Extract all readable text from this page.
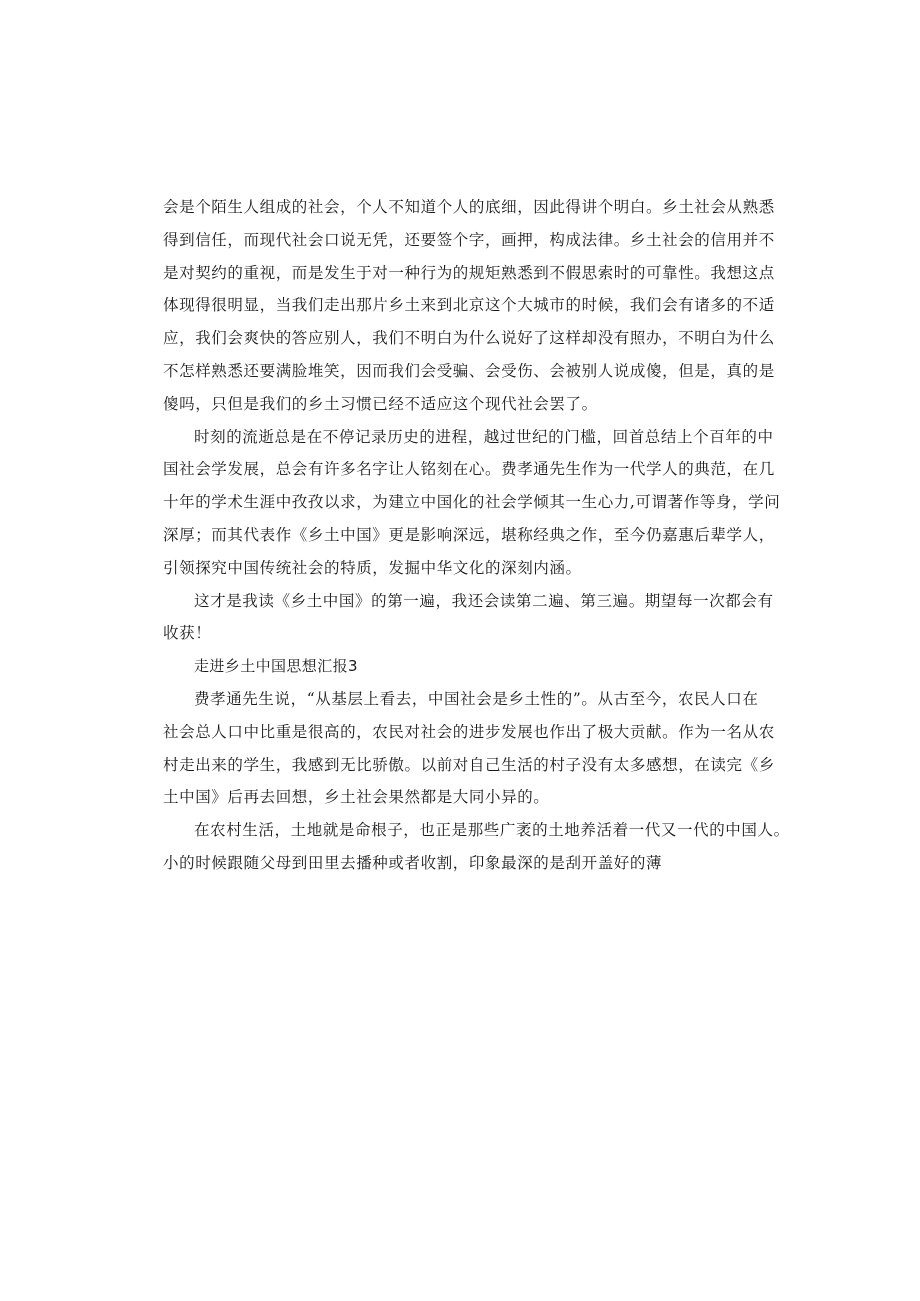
会是个陌生人组成的社会，个人不知道个人的底细，因此得讲个明白。乡土社会从熟悉
得到信任，而现代社会口说无凭，还要签个字，画押，构成法律。乡土社会的信用并不
是对契约的重视，而是发生于对一种行为的规矩熟悉到不假思索时的可靠性。我想这点
体现得很明显，当我们走出那片乡土来到北京这个大城市的时候，我们会有诸多的不适
应，我们会爽快的答应别人，我们不明白为什么说好了这样却没有照办，不明白为什么
不怎样熟悉还要满脸堆笑，因而我们会受骗、会受伤、会被别人说成傻，但是，真的是
傻吗，只但是我们的乡土习惯已经不适应这个现代社会罢了。
时刻的流逝总是在不停记录历史的进程，越过世纪的门槛，回首总结上个百年的中
国社会学发展，总会有许多名字让人铭刻在心。费孝通先生作为一代学人的典范，在几
十年的学术生涯中孜孜以求，为建立中国化的社会学倾其一生心力,可谓著作等身，学问
深厚；而其代表作《乡土中国》更是影响深远，堪称经典之作，至今仍嘉惠后辈学人，
引领探究中国传统社会的特质，发掘中华文化的深刻内涵。
这才是我读《乡土中国》的第一遍，我还会读第二遍、第三遍。期望每一次都会有
收获！
走进乡土中国思想汇报3
费孝通先生说，“从基层上看去，中国社会是乡土性的”。从古至今，农民人口在
社会总人口中比重是很高的，农民对社会的进步发展也作出了极大贡献。作为一名从农
村走出来的学生，我感到无比骄傲。以前对自己生活的村子没有太多感想，在读完《乡
土中国》后再去回想，乡土社会果然都是大同小异的。
在农村生活，土地就是命根子，也正是那些广袤的土地养活着一代又一代的中国人。
小的时候跟随父母到田里去播种或者收割，印象最深的是刮开盖好的薄
